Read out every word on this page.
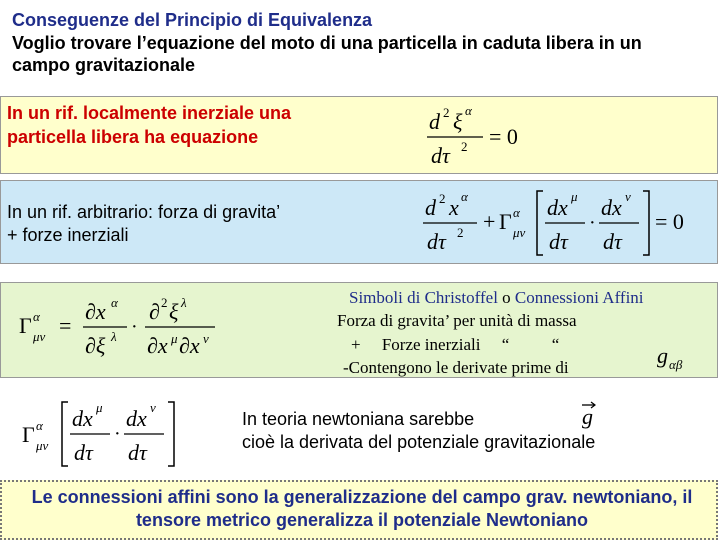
Conseguenze del Principio di Equivalenza
Voglio trovare l’equazione del moto di una particella in caduta libera in un campo gravitazionale
In un rif. localmente inerziale una particella libera ha equazione
d 2 ξ α
dτ 2 = 0
In un rif. arbitrario: forza di gravita’
+ forze inerziali
d 2 x α
dτ 2 + Γ α
μν
dx μ
dτ
·
dx ν
dτ
= 0
Γ α
μν =
∂x α
∂ξ λ ·
∂ 2 ξ λ
∂x μ ∂x ν
Simboli di Christoffel o Connessioni Affini
Forza di gravita’ per unità di massa
+     Forze inerziali     “          “
-Contengono le derivate prime di	g αβ
Γ α
μν
dx μ
dτ
·
dx ν
dτ
In teoria newtoniana sarebbe	g
cioè la derivata del potenziale gravitazionale
Le connessioni affini sono la generalizzazione del campo grav. newtoniano, il tensore metrico generalizza il potenziale Newtoniano
